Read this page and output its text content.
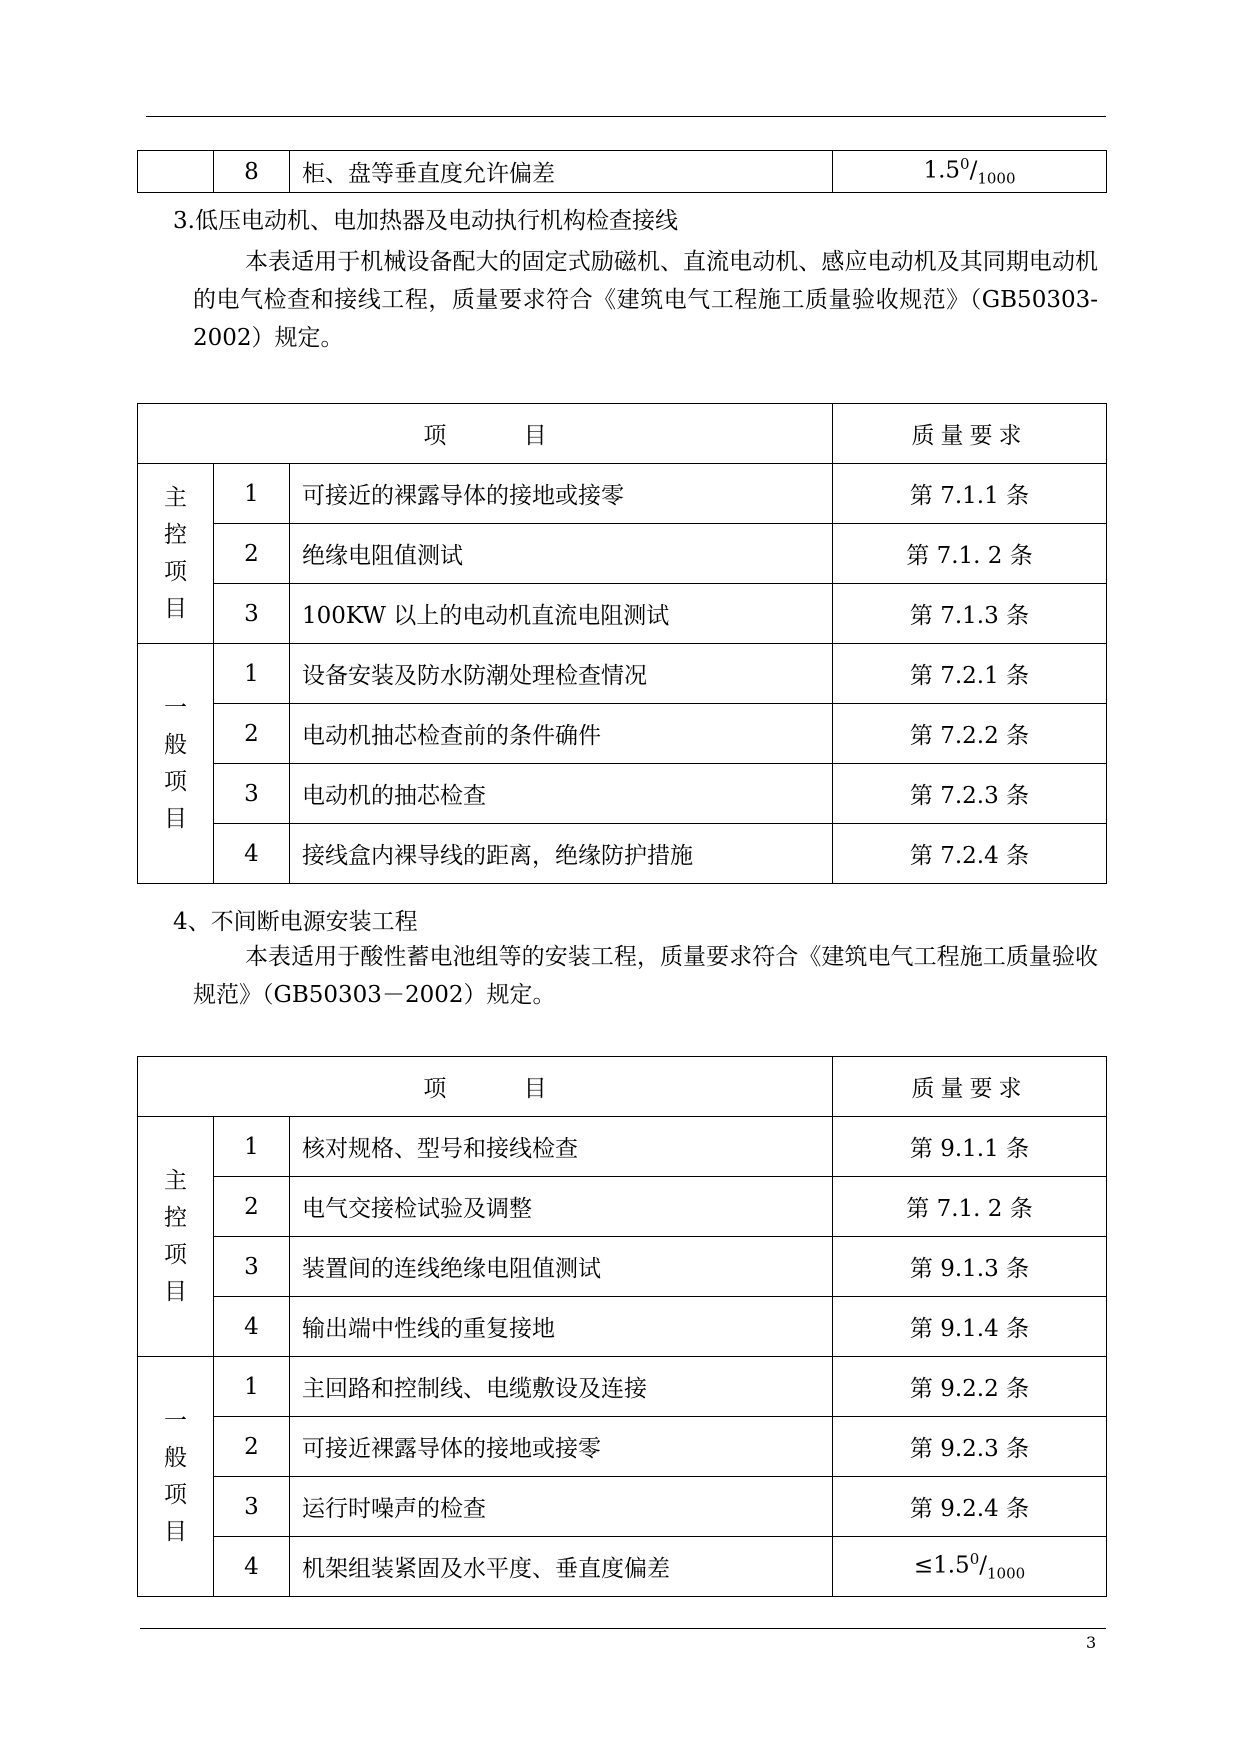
	8	柜、盘等垂直度允许偏差	$1.5^0/_{1000}$
3.低压电动机、电加热器及电动执行机构检查接线
本表适用于机械设备配大的固定式励磁机、直流电动机、感应电动机及其同期电动机的电气检查和接线工程，质量要求符合《建筑电气工程施工质量验收规范》（GB50303-2002）规定。
项 目			质量要求
主控项目	1	可接近的裸露导体的接地或接零	第 7.1.1 条
	2	绝缘电阻值测试	第 7.1. 2 条
	3	100KW 以上的电动机直流电阻测试	第 7.1.3 条
一般项目	1	设备安装及防水防潮处理检查情况	第 7.2.1 条
	2	电动机抽芯检查前的条件确件	第 7.2.2 条
	3	电动机的抽芯检查	第 7.2.3 条
	4	接线盒内裸导线的距离，绝缘防护措施	第 7.2.4 条
4、不间断电源安装工程
本表适用于酸性蓄电池组等的安装工程，质量要求符合《建筑电气工程施工质量验收规范》（GB50303－2002）规定。
项 目			质量要求
主控项目	1	核对规格、型号和接线检查	第 9.1.1 条
	2	电气交接检试验及调整	第 7.1. 2 条
	3	装置间的连线绝缘电阻值测试	第 9.1.3 条
	4	输出端中性线的重复接地	第 9.1.4 条
一般项目	1	主回路和控制线、电缆敷设及连接	第 9.2.2 条
	2	可接近裸露导体的接地或接零	第 9.2.3 条
	3	运行时噪声的检查	第 9.2.4 条
	4	机架组装紧固及水平度、垂直度偏差	$\le 1.5^0/_{1000}$
3
